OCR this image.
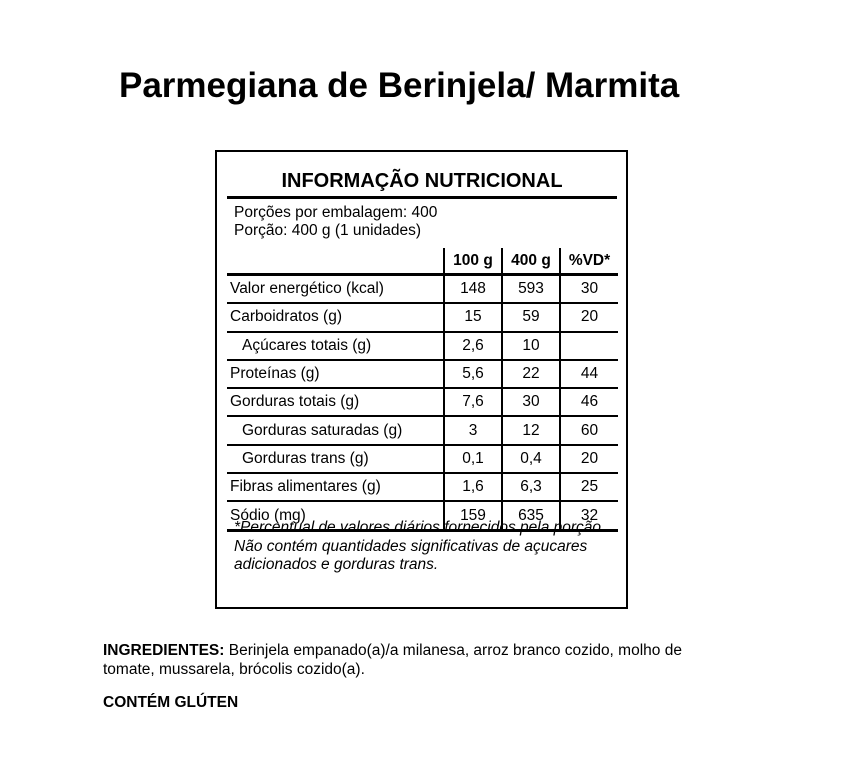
Parmegiana de Berinjela/ Marmita
INFORMAÇÃO NUTRICIONAL
Porções por embalagem: 400
Porção: 400 g (1 unidades)
	100 g	400 g	%VD*
Valor energético (kcal)	148	593	30
Carboidratos (g)	15	59	20
Açúcares totais (g)	2,6	10	
Proteínas (g)	5,6	22	44
Gorduras totais (g)	7,6	30	46
Gorduras saturadas (g)	3	12	60
Gorduras trans (g)	0,1	0,4	20
Fibras alimentares (g)	1,6	6,3	25
Sódio (mg)	159	635	32

*Percentual de valores diários fornecidos pela porção.

Não contém quantidades significativas de açucares adicionados e gorduras trans.

INGREDIENTES: Berinjela empanado(a)/a milanesa, arroz branco cozido, molho de tomate, mussarela, brócolis cozido(a).

CONTÉM GLÚTEN
